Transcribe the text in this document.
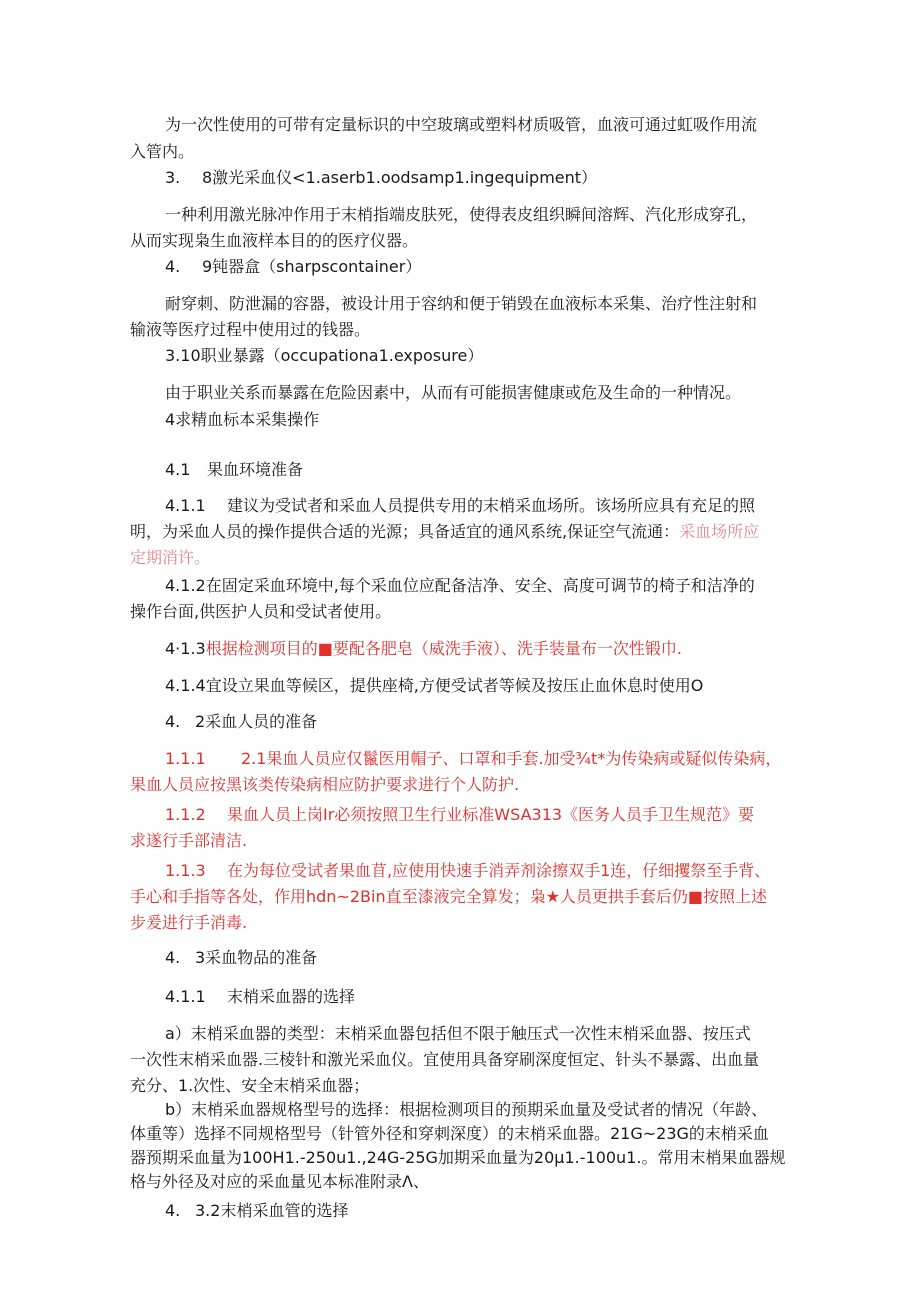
为一次性使用的可带有定量标识的中空玻璃或塑料材质吸管，血液可通过虹吸作用流
入管内。
3. 8激光采血仪<1.aserb1.oodsamp1.ingequipment）
一种利用激光脉冲作用于末梢指端皮肤死，使得表皮组织瞬间溶辉、汽化形成穿孔，
从而实现枭生血液样本目的的医疗仪器。
4. 9钝器盒（sharpscontainer）
耐穿刺、防泄漏的容器，被设计用于容纳和便于销毁在血液标本采集、治疗性注射和
输液等医疗过程中使用过的钱器。
3.10职业暴露（occupationa1.exposure）
由于职业关系而暴露在危险因素中，从而有可能损害健康或危及生命的一种情况。
4求精血标本采集操作
4.1 果血环境准备
4.1.1 建议为受试者和采血人员提供专用的末梢采血场所。该场所应具有充足的照
明，为采血人员的操作提供合适的光源；具备适宜的通风系统,保证空气流通：采血场所应
定期消许。
4.1.2在固定采血环境中,每个采血位应配备洁净、安全、高度可调节的椅子和洁净的
操作台面,供医护人员和受试者使用。
4·1.3根据检测项目的■要配各肥皂（威洗手液）、洗手装量布一次性锻巾.
4.1.4宜设立果血等候区，提供座椅,方便受试者等候及按压止血休息时使用O
4. 2采血人员的准备
1.1.1 2.1果血人员应仅鬣医用帽子、口罩和手套.加受¾t*为传染病或疑似传染病，
果血人员应按黑该类传染病相应防护要求进行个人防护.
1.1.2 果血人员上岗Ir必须按照卫生行业标准WSA313《医务人员手卫生规范》要
求遂行手部清洁.
1.1.3 在为每位受试者果血苜,应使用快速手消弄剂涂擦双手1连，仔细攫祭至手背、
手心和手指等各处，作用hdn~2Bin直至漆液完全算发；枭★人员更拱手套后仍■按照上述
步爰进行手消毒.
4. 3采血物品的准备
4.1.1 末梢采血器的选择
a）末梢采血器的类型：末梢采血器包括但不限于触压式一次性末梢采血器、按压式
一次性末梢采血器.三棱针和激光采血仪。宜使用具备穿刷深度恒定、针头不暴露、出血量
充分、1.次性、安全末梢采血器；
b）末梢采血器规格型号的选择：根据检测项目的预期采血量及受试者的情况（年龄、
体重等）选择不同规格型号（针管外径和穿刺深度）的末梢采血器。21G~23G的末梢采血
器预期采血量为100H1.-250u1.,24G-25G加期采血量为20µ1.-100u1.。常用末梢果血器规
格与外径及对应的采血量见本标准附录Λ、
4. 3.2末梢采血管的选择
